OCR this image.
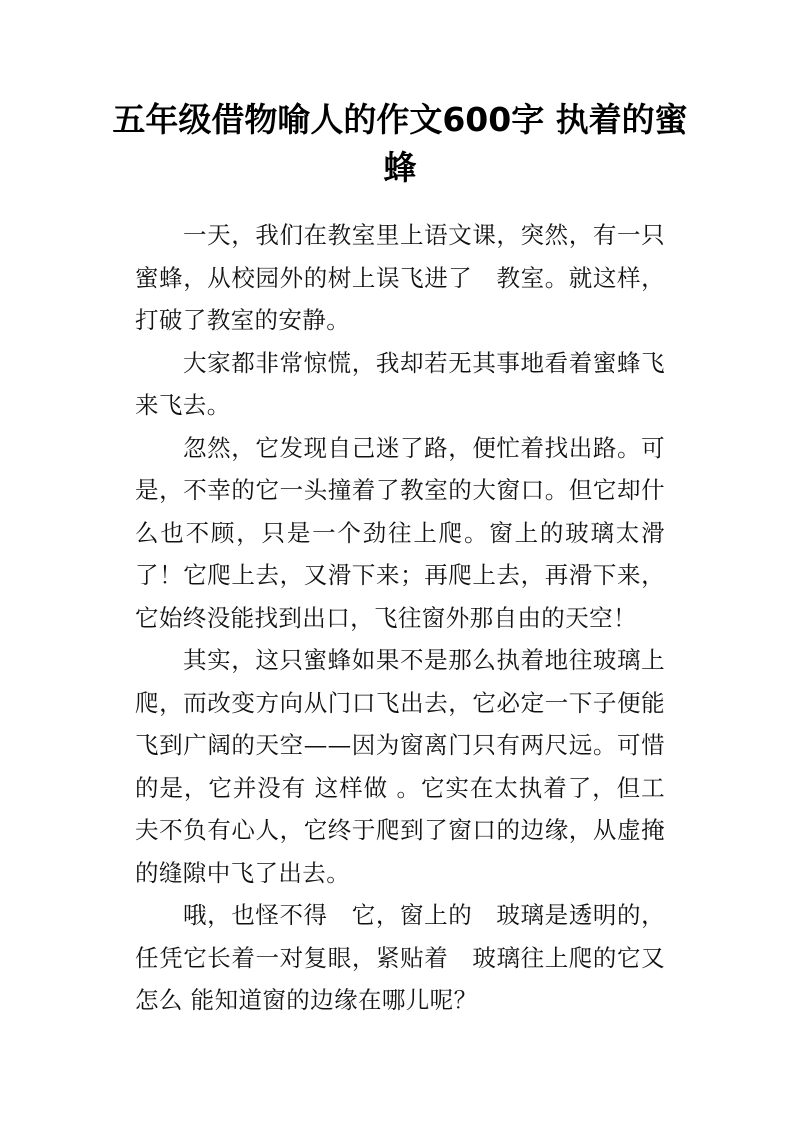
五年级借物喻人的作文600字 执着的蜜蜂

一天，我们在教室里上语文课，突然，有一只蜜蜂，从校园外的树上误飞进了　教室。就这样，打破了教室的安静。

大家都非常惊慌，我却若无其事地看着蜜蜂飞来飞去。

忽然，它发现自己迷了路，便忙着找出路。可是，不幸的它一头撞着了教室的大窗口。但它却什么也不顾，只是一个劲往上爬。窗上的玻璃太滑了！它爬上去，又滑下来；再爬上去，再滑下来，它始终没能找到出口，飞往窗外那自由的天空！

其实，这只蜜蜂如果不是那么执着地往玻璃上爬，而改变方向从门口飞出去，它必定一下子便能飞到广阔的天空——因为窗离门只有两尺远。可惜的是，它并没有 这样做 。它实在太执着了，但工夫不负有心人，它终于爬到了窗口的边缘，从虚掩的缝隙中飞了出去。

哦，也怪不得　它，窗上的　玻璃是透明的，任凭它长着一对复眼，紧贴着　玻璃往上爬的它又怎么 能知道窗的边缘在哪儿呢？
